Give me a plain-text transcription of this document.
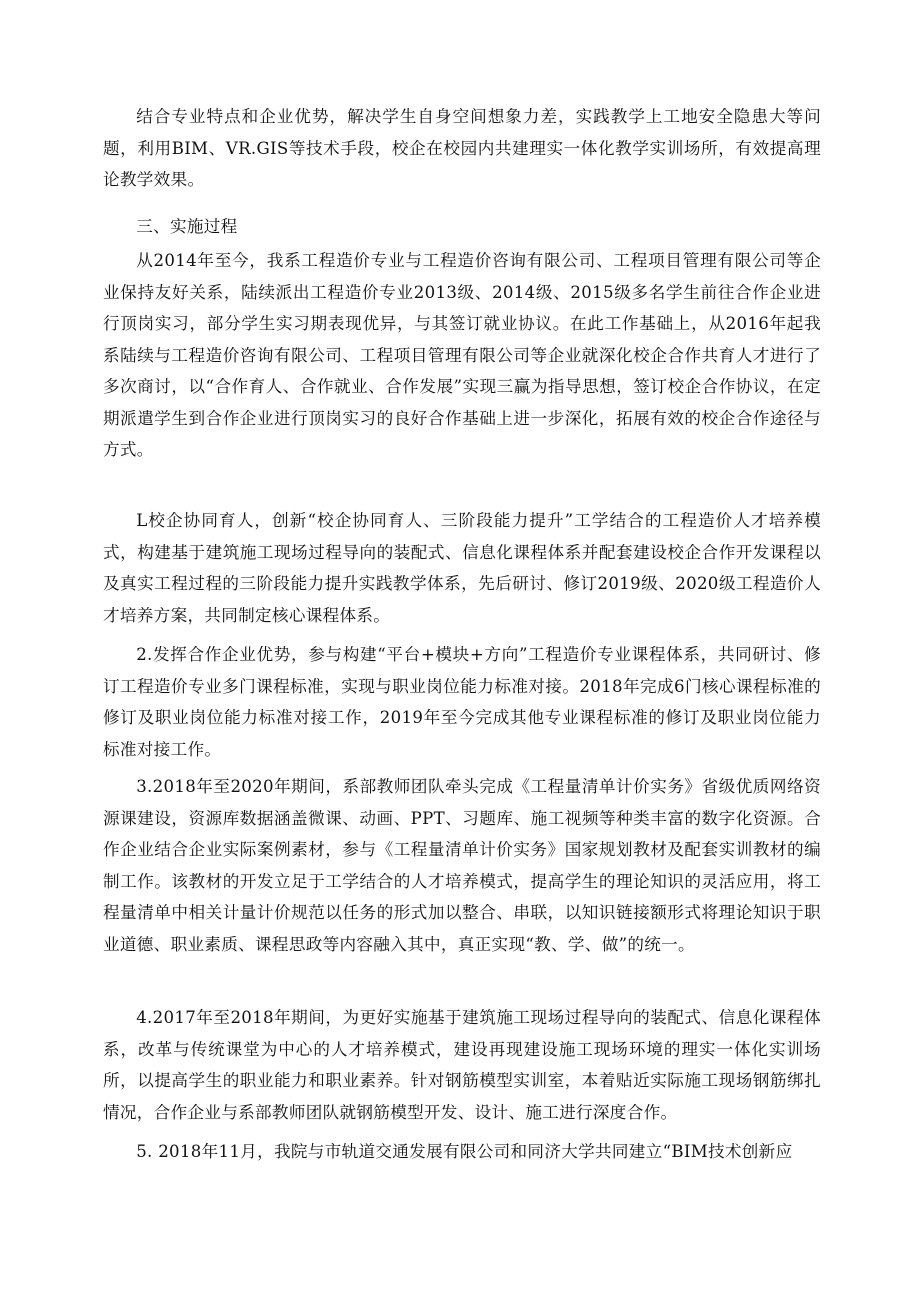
结合专业特点和企业优势，解决学生自身空间想象力差，实践教学上工地安全隐患大等问题，利用BIM、VR.GIS等技术手段，校企在校园内共建理实一体化教学实训场所，有效提高理论教学效果。

三、实施过程

从2014年至今，我系工程造价专业与工程造价咨询有限公司、工程项目管理有限公司等企业保持友好关系，陆续派出工程造价专业2013级、2014级、2015级多名学生前往合作企业进行顶岗实习，部分学生实习期表现优异，与其签订就业协议。在此工作基础上，从2016年起我系陆续与工程造价咨询有限公司、工程项目管理有限公司等企业就深化校企合作共育人才进行了多次商讨，以“合作育人、合作就业、合作发展”实现三赢为指导思想，签订校企合作协议，在定期派遣学生到合作企业进行顶岗实习的良好合作基础上进一步深化，拓展有效的校企合作途径与方式。

L校企协同育人，创新“校企协同育人、三阶段能力提升”工学结合的工程造价人才培养模式，构建基于建筑施工现场过程导向的装配式、信息化课程体系并配套建设校企合作开发课程以及真实工程过程的三阶段能力提升实践教学体系，先后研讨、修订2019级、2020级工程造价人才培养方案，共同制定核心课程体系。

2.发挥合作企业优势，参与构建“平台+模块+方向”工程造价专业课程体系，共同研讨、修订工程造价专业多门课程标准，实现与职业岗位能力标准对接。2018年完成6门核心课程标准的修订及职业岗位能力标准对接工作，2019年至今完成其他专业课程标准的修订及职业岗位能力标准对接工作。

3.2018年至2020年期间，系部教师团队牵头完成《工程量清单计价实务》省级优质网络资源课建设，资源库数据涵盖微课、动画、PPT、习题库、施工视频等种类丰富的数字化资源。合作企业结合企业实际案例素材，参与《工程量清单计价实务》国家规划教材及配套实训教材的编制工作。该教材的开发立足于工学结合的人才培养模式，提高学生的理论知识的灵活应用，将工程量清单中相关计量计价规范以任务的形式加以整合、串联，以知识链接额形式将理论知识于职业道德、职业素质、课程思政等内容融入其中，真正实现“教、学、做”的统一。

4.2017年至2018年期间，为更好实施基于建筑施工现场过程导向的装配式、信息化课程体系，改革与传统课堂为中心的人才培养模式，建设再现建设施工现场环境的理实一体化实训场所，以提高学生的职业能力和职业素养。针对钢筋模型实训室，本着贴近实际施工现场钢筋绑扎情况，合作企业与系部教师团队就钢筋模型开发、设计、施工进行深度合作。

5. 2018年11月，我院与市轨道交通发展有限公司和同济大学共同建立“BIM技术创新应
